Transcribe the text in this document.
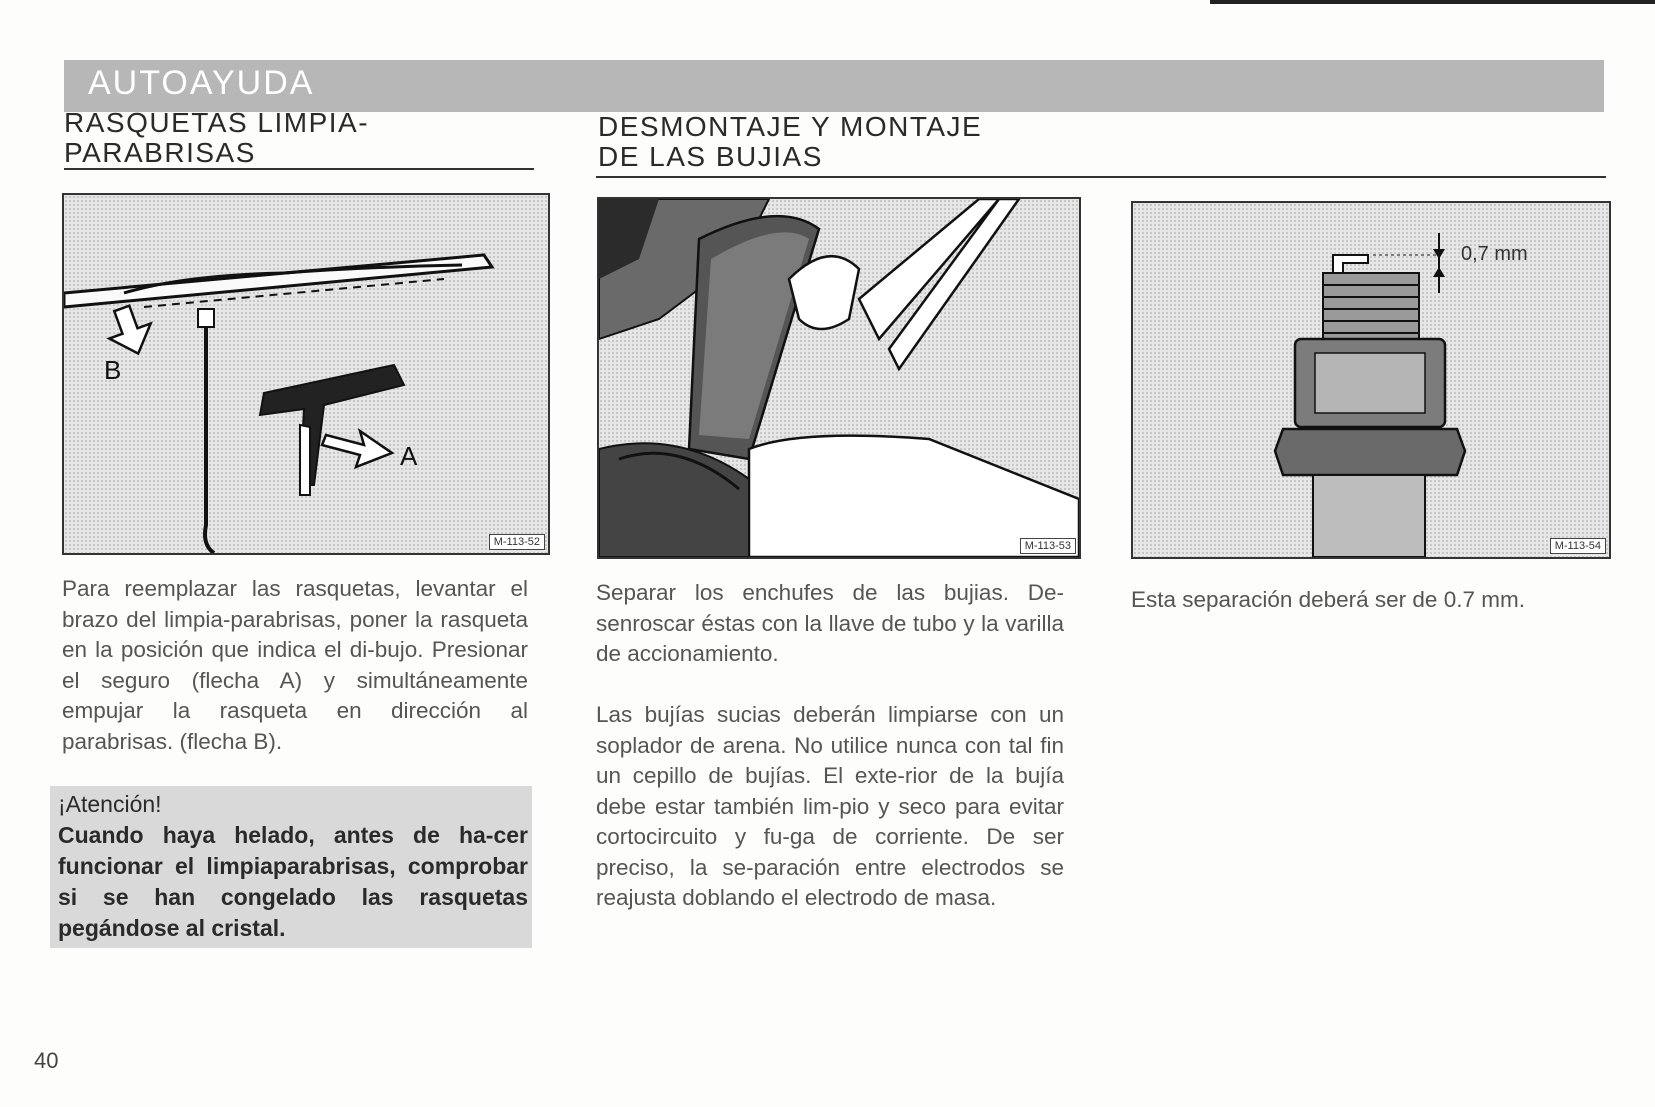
AUTOAYUDA
RASQUETAS LIMPIA-
PARABRISAS
DESMONTAJE Y MONTAJE
DE LAS BUJIAS
B
A
M-113-52	M-113-53
0,7 mm
M-113-54

Para reemplazar las rasquetas, levantar el brazo del limpia-parabrisas, poner la rasqueta en la posición que indica el di-bujo. Presionar el seguro (flecha A) y simultáneamente empujar la rasqueta en dirección al parabrisas. (flecha B).

¡Atención!

Cuando haya helado, antes de ha-cer funcionar el limpiaparabrisas, comprobar si se han congelado las rasquetas pegándose al cristal.

Separar los enchufes de las bujias. De-senroscar éstas con la llave de tubo y la varilla de accionamiento.

Las bujías sucias deberán limpiarse con un soplador de arena. No utilice nunca con tal fin un cepillo de bujías. El exte-rior de la bujía debe estar también lim-pio y seco para evitar cortocircuito y fu-ga de corriente. De ser preciso, la se-paración entre electrodos se reajusta doblando el electrodo de masa.

Esta separación deberá ser de 0.7 mm.

40
